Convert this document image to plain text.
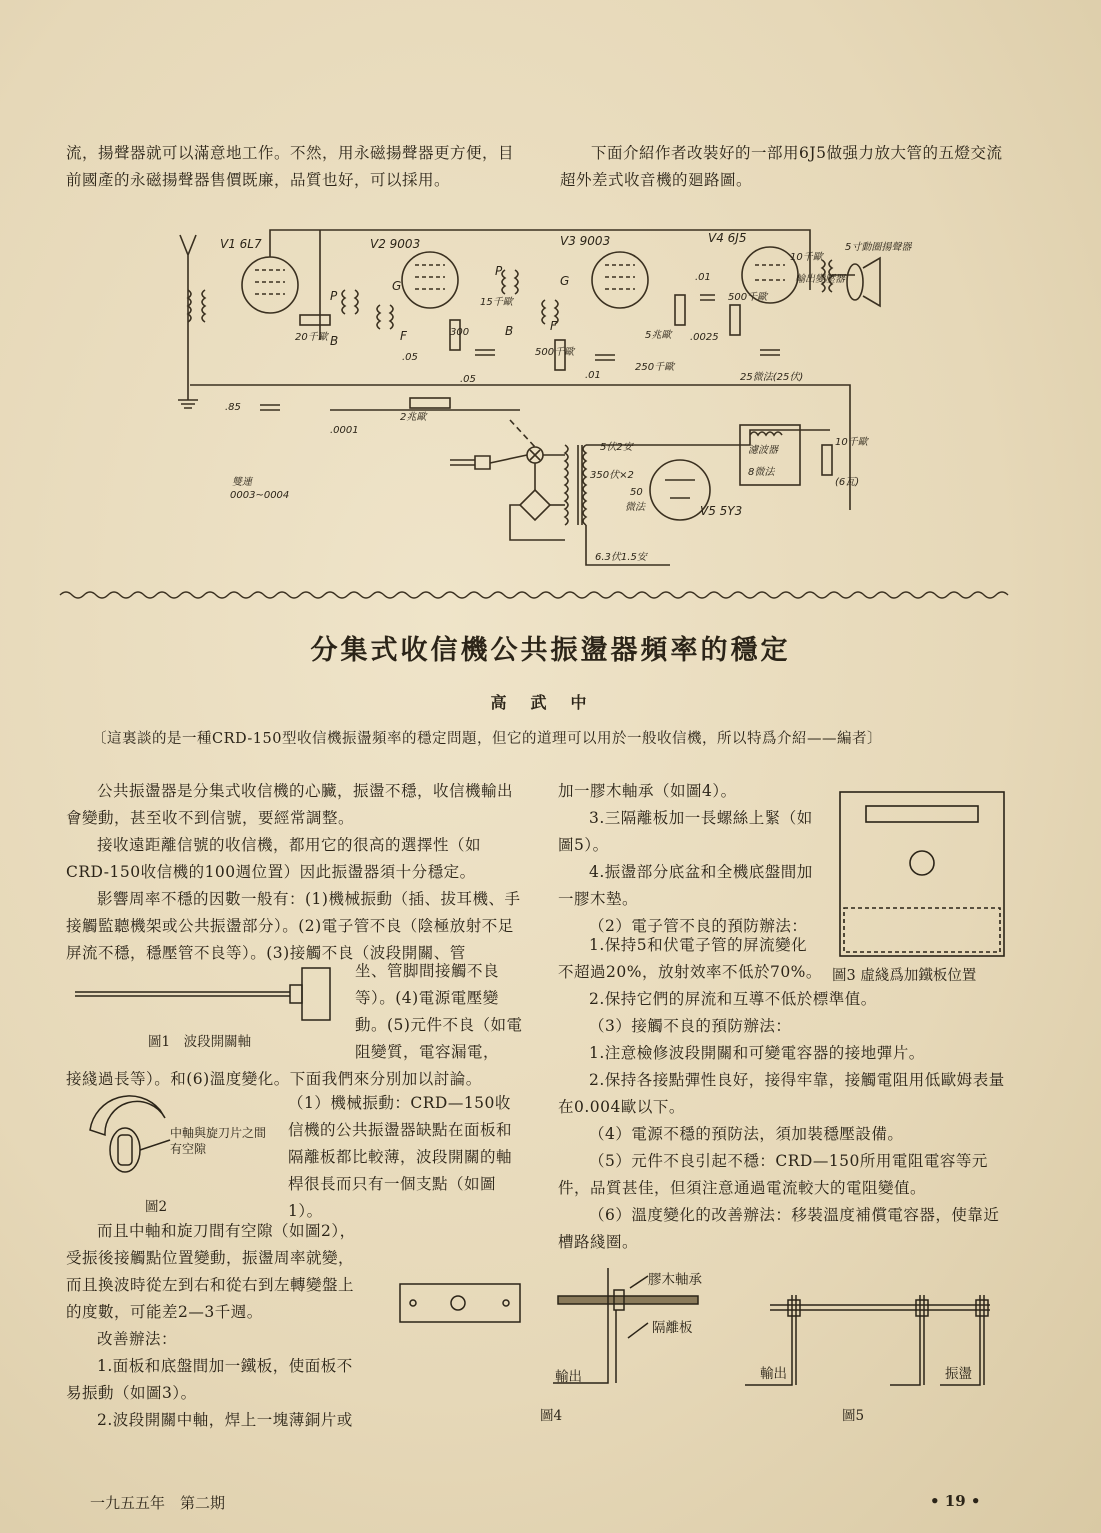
流，揚聲器就可以滿意地工作。不然，用永磁揚聲器更方便，目前國產的永磁揚聲器售價既廉，品質也好，可以採用。
下面介紹作者改裝好的一部用6J5做强力放大管的五燈交流超外差式收音機的廻路圖。
V1 6L7	V2 9003	V3 9003	V4 6J5
V5 5Y3
5寸動圈揚聲器
P
B
G
F
P
B
G
F
20千歐
2兆歐
15千歐
300
.05
.05
.85
.0001
0003~0004
雙連
500千歐
.01
.01
.0025
250千歐
5兆歐
500千歐
25微法(25伏)
10千歐
10千歐
(6瓦)
5伏2安
350伏×2
50
微法
6.3伏1.5安
濾波器
8微法
輸出變壓器
分集式收信機公共振盪器頻率的穩定
高武中
〔這裏談的是一種CRD-150型收信機振盪頻率的穩定問題，但它的道理可以用於一般收信機，所以特爲介紹——編者〕
公共振盪器是分集式收信機的心臟，振盪不穩，收信機輸出會變動，甚至收不到信號，要經常調整。
接收遠距離信號的收信機，都用它的很高的選擇性（如CRD-150收信機的100週位置）因此振盪器須十分穩定。
影響周率不穩的因數一般有：(1)機械振動（插、拔耳機、手接觸監聽機架或公共振盪部分）。(2)電子管不良（陰極放射不足屏流不穩，穩壓管不良等）。(3)接觸不良（波段開關、管
坐、管脚間接觸不良等）。(4)電源電壓變動。(5)元件不良（如電阻變質，電容漏電，
接綫過長等）。和(6)溫度變化。下面我們來分別加以討論。
圖1　波段開關軸
中軸與旋刀片之間有空隙
圖2
（1）機械振動：CRD—150收信機的公共振盪器缺點在面板和隔離板都比較薄，波段開關的軸桿很長而只有一個支點（如圖1）。
而且中軸和旋刀間有空隙（如圖2），受振後接觸點位置變動，振盪周率就變，而且換波時從左到右和從右到左轉變盤上的度數，可能差2—3千週。
改善辦法：
1.面板和底盤間加一鐵板，使面板不易振動（如圖3）。
2.波段開關中軸，焊上一塊薄銅片或
加一膠木軸承（如圖4）。
3.三隔離板加一長螺絲上緊（如圖5）。
4.振盪部分底盆和全機底盤間加一膠木墊。
（2）電子管不良的預防辦法：
1.保持5和伏電子管的屏流變化不超過20%，放射效率不低於70%。 圖3 虛綫爲加鐵板位置
2.保持它們的屏流和互導不低於標準值。
（3）接觸不良的預防辦法：
1.注意檢修波段開關和可變電容器的接地彈片。
2.保持各接點彈性良好，接得牢靠，接觸電阻用低歐姆表量在0.004歐以下。
（4）電源不穩的預防法，須加裝穩壓設備。
（5）元件不良引起不穩：CRD—150所用電阻電容等元件，品質甚佳，但須注意通過電流較大的電阻變值。
（6）溫度變化的改善辦法：移裝溫度補償電容器，使靠近槽路綫圈。
膠木軸承
隔離板
輸出
圖4
輸出	振盪
圖5
一九五五年　第二期	• 19 •
